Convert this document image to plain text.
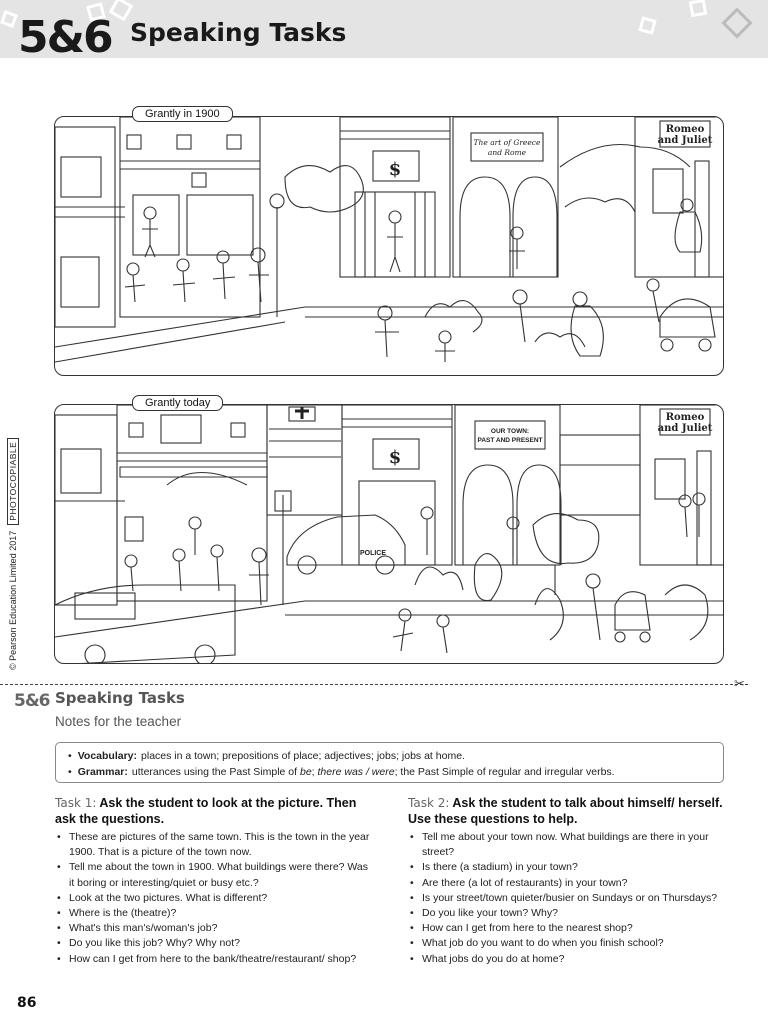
5&6 Speaking Tasks
© Pearson Education Limited 2017
PHOTOCOPIABLE
$
The art of Greece
and Rome
Romeo
and Juliet
Grantly in 1900
$
OUR TOWN:
PAST AND PRESENT
Romeo
and Juliet
POLICE
Grantly today
✂
5&6 Speaking Tasks
Notes for the teacher
• Vocabulary: places in a town; prepositions of place; adjectives; jobs; jobs at home.
• Grammar: utterances using the Past Simple of be; there was / were; the Past Simple of regular and irregular verbs.
Task 1: Ask the student to look at the picture. Then ask the questions.
• These are pictures of the same town. This is the town in the year 1900. That is a picture of the town now.
• Tell me about the town in 1900. What buildings were there? Was it boring or interesting/quiet or busy etc.?
• Look at the two pictures. What is different?
• Where is the (theatre)?
• What's this man's/woman's job?
• Do you like this job? Why? Why not?
• How can I get from here to the bank/theatre/restaurant/ shop?
Task 2: Ask the student to talk about himself/ herself. Use these questions to help.
• Tell me about your town now. What buildings are there in your street?
• Is there (a stadium) in your town?
• Are there (a lot of restaurants) in your town?
• Is your street/town quieter/busier on Sundays or on Thursdays?
• Do you like your town? Why?
• How can I get from here to the nearest shop?
• What job do you want to do when you finish school?
• What jobs do you do at home?
86
